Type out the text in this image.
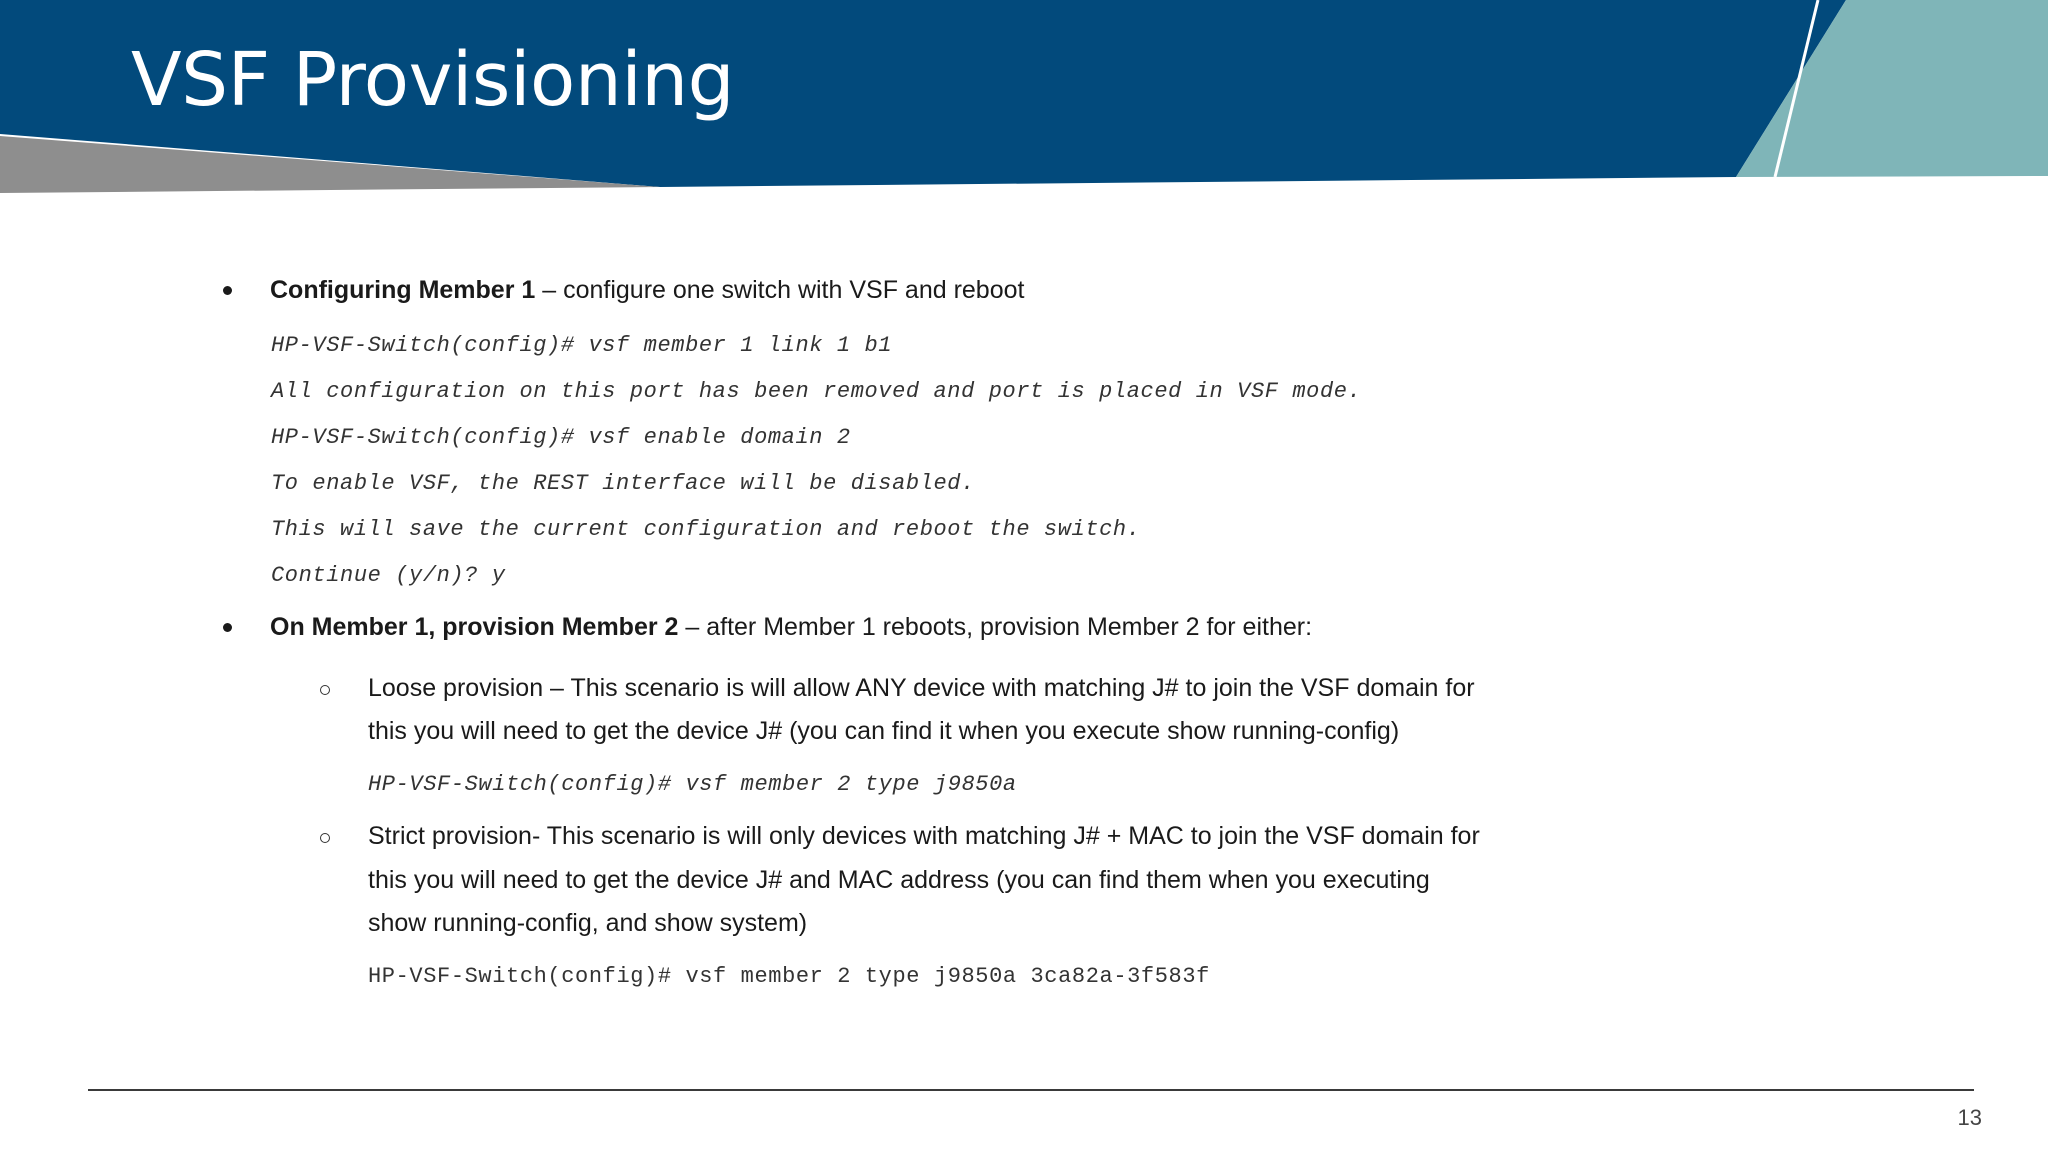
VSF Provisioning

Configuring Member 1 – configure one switch with VSF and reboot

HP-VSF-Switch(config)# vsf member 1 link 1 b1

All configuration on this port has been removed and port is placed in VSF mode.

HP-VSF-Switch(config)# vsf enable domain 2

To enable VSF, the REST interface will be disabled.

This will save the current configuration and reboot the switch.

Continue (y/n)? y

On Member 1, provision Member 2 – after Member 1 reboots, provision Member 2 for either:

Loose provision – This scenario is will allow ANY device with matching J# to join the VSF domain for

this you will need to get the device J# (you can find it when you execute show running-config)

HP-VSF-Switch(config)# vsf member 2 type j9850a

Strict provision- This scenario is will only devices with matching J# + MAC to join the VSF domain for

this you will need to get the device J# and MAC address (you can find them when you executing

show running-config, and show system)

HP-VSF-Switch(config)# vsf member 2 type j9850a 3ca82a-3f583f

13
